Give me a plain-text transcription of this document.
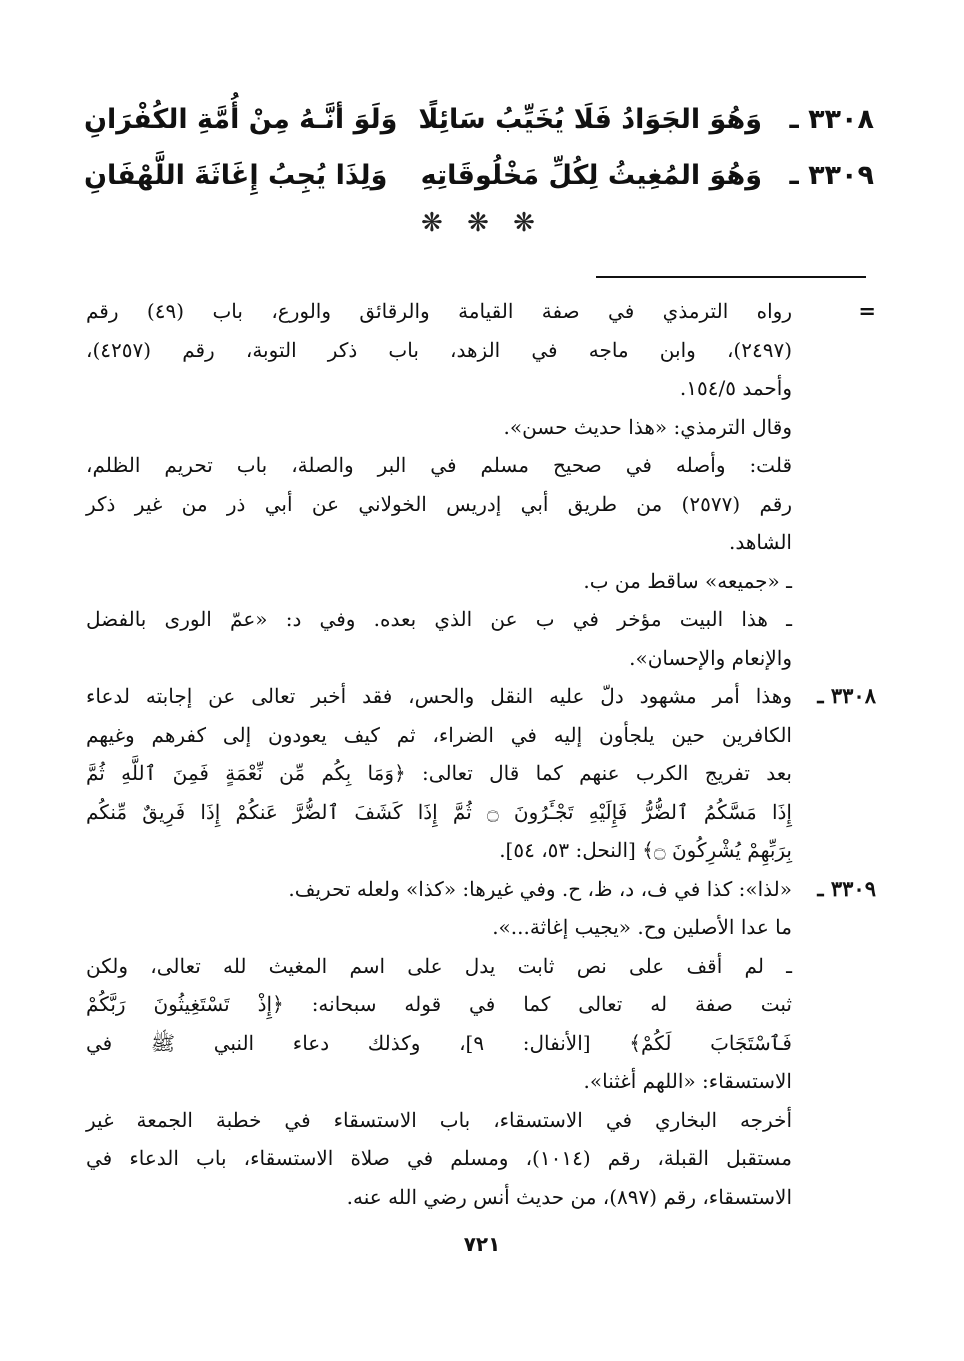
٣٣٠٨ ـ
وَهُوَ الجَوَادُ فَلَا يُخَيِّبُ سَائِلًا
وَلَوَ أنَّـهُ مِنْ أُمَّةِ الكُفْرَانِ
٣٣٠٩ ـ
وَهُوَ المُغِيثُ لِكُلِّ مَخْلُوقَاتِهِ
وَلِذَا يُجِبُ إِغَاثَةَ اللَّهْفَانِ
❋ ❋ ❋
=

رواه الترمذي في صفة القيامة والرقائق والورع، باب (٤٩) رقم

(٢٤٩٧)، وابن ماجه في الزهد، باب ذكر التوبة، رقم (٤٢٥٧)،

وأحمد ١٥٤/٥.

وقال الترمذي: «هذا حديث حسن».

قلت: وأصله في صحيح مسلم في البر والصلة، باب تحريم الظلم،

رقم (٢٥٧٧) من طريق أبي إدريس الخولاني عن أبي ذر من غير ذكر

الشاهد.

ـ «جميعه» ساقط من ب.

ـ هذا البيت مؤخر في ب عن الذي بعده. وفي د: «عمّ الورى بالفضل

والإنعام والإحسان».

٣٣٠٨ ـ

وهذا أمر مشهود دلّ عليه النقل والحس، فقد أخبر تعالى عن إجابته لدعاء

الكافرين حين يلجأون إليه في الضراء، ثم كيف يعودون إلى كفرهم وغيهم

بعد تفريج الكرب عنهم كما قال تعالى: ﴿وَمَا بِكُم مِّن نِّعْمَةٍ فَمِنَ ٱللَّهِ ثُمَّ

إِذَا مَسَّكُمُ ٱلضُّرُّ فَإِلَيْهِ تَجْـَٔرُونَ ۝ ثُمَّ إِذَا كَشَفَ ٱلضُّرَّ عَنكُمْ إِذَا فَرِيقٌ مِّنكُم

بِرَبِّهِمْ يُشْرِكُونَ ۝﴾ [النحل: ٥٣، ٥٤].

٣٣٠٩ ـ

«لذا»: كذا في ف، د، ظ، ح. وفي غيرها: «كذا» ولعله تحريف.

ما عدا الأصلين وح. «يجيب إغاثة...».

ـ لم أقف على نص ثابت يدل على اسم المغيث لله تعالى، ولكن

ثبت صفة له تعالى كما في قوله سبحانه: ﴿إِذْ تَسْتَغِيثُونَ رَبَّكُمْ

فَٱسْتَجَابَ لَكُمْ﴾ [الأنفال: ٩]، وكذلك دعاء النبي ﷺ في

الاستسقاء: «اللهم أغثنا».

أخرجه البخاري في الاستسقاء، باب الاستسقاء في خطبة الجمعة غير

مستقبل القبلة، رقم (١٠١٤)، ومسلم في صلاة الاستسقاء، باب الدعاء في

الاستسقاء، رقم (٨٩٧)، من حديث أنس رضي الله عنه.

٧٢١
